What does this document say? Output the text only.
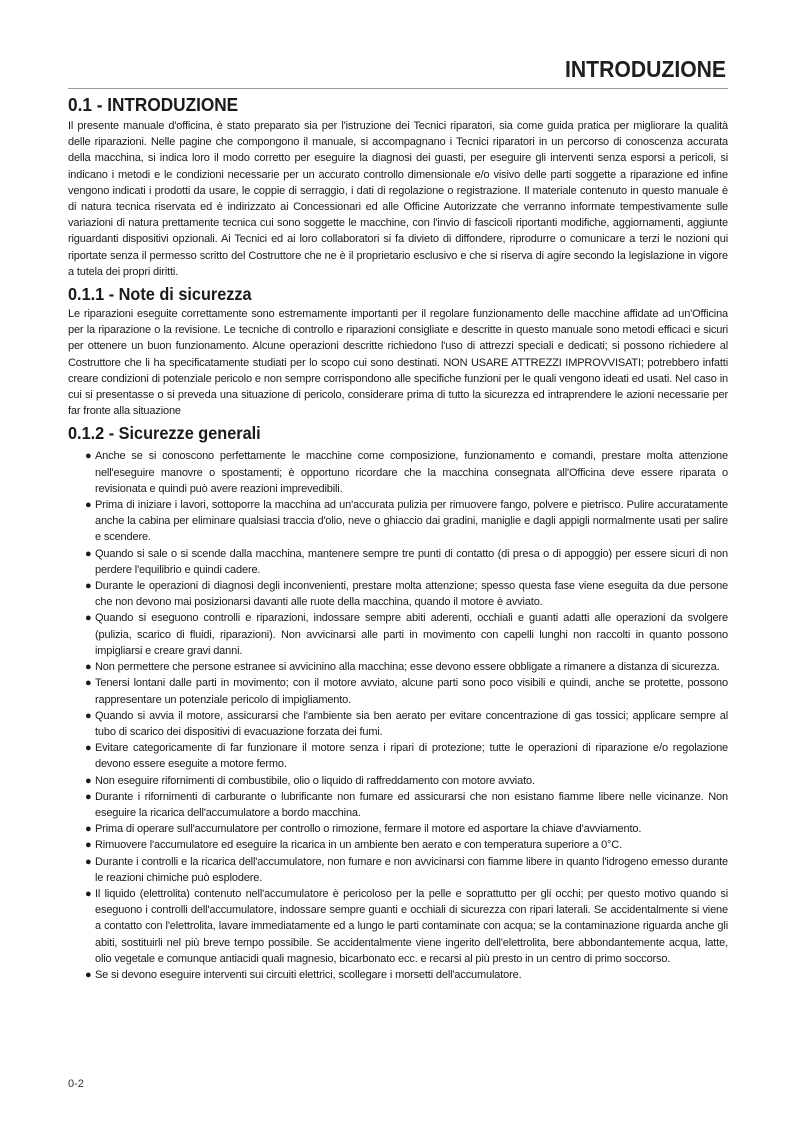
INTRODUZIONE
0.1 - INTRODUZIONE

Il presente manuale d'officina, è stato preparato sia per l'istruzione dei Tecnici riparatori, sia come guida pratica per migliorare la qualità delle riparazioni. Nelle pagine che compongono il manuale, si accompagnano i Tecnici riparatori in un percorso di conoscenza accurata della macchina, si indica loro il modo corretto per eseguire la diagnosi dei guasti, per eseguire gli interventi senza esporsi a pericoli, si indicano i metodi e le condizioni necessarie per un accurato controllo dimensionale e/o visivo delle parti soggette a riparazione ed infine vengono indicati i prodotti da usare, le coppie di serraggio, i dati di regolazione o registrazione. Il materiale contenuto in questo manuale è di natura tecnica riservata ed è indirizzato ai Concessionari ed alle Officine Autorizzate che verranno informate tempestivamente sulle variazioni di natura prettamente tecnica cui sono soggette le macchine, con l'invio di fascicoli riportanti modifiche, aggiornamenti, aggiunte riguardanti dispositivi opzionali. Ai Tecnici ed ai loro collaboratori si fa divieto di diffondere, riprodurre o comunicare a terzi le nozioni qui riportate senza il permesso scritto del Costruttore che ne è il proprietario esclusivo e che si riserva di agire secondo la legislazione in vigore a tutela dei propri diritti.

0.1.1 - Note di sicurezza

Le riparazioni eseguite correttamente sono estremamente importanti per il regolare funzionamento delle macchine affidate ad un'Officina per la riparazione o la revisione. Le tecniche di controllo e riparazioni consigliate e descritte in questo manuale sono metodi efficaci e sicuri per ottenere un buon funzionamento. Alcune operazioni descritte richiedono l'uso di attrezzi speciali e dedicati; si possono richiedere al Costruttore che li ha specificatamente studiati per lo scopo cui sono destinati. NON USARE ATTREZZI IMPROVVISATI; potrebbero infatti creare condizioni di potenziale pericolo e non sempre corrispondono alle specifiche funzioni per le quali vengono ideati ed usati. Nel caso in cui si presentasse o si preveda una situazione di pericolo, considerare prima di tutto la sicurezza ed intraprendere le azioni necessarie per far fronte alla situazione

0.1.2 - Sicurezze generali
● Anche se si conoscono perfettamente le macchine come composizione, funzionamento e comandi, prestare molta attenzione nell'eseguire manovre o spostamenti; è opportuno ricordare che la macchina consegnata all'Officina deve essere riparata o revisionata e quindi può avere reazioni imprevedibili.
● Prima di iniziare i lavori, sottoporre la macchina ad un'accurata pulizia per rimuovere fango, polvere e pietrisco. Pulire accuratamente anche la cabina per eliminare qualsiasi traccia d'olio, neve o ghiaccio dai gradini, maniglie e dagli appigli normalmente usati per salire e scendere.
● Quando si sale o si scende dalla macchina, mantenere sempre tre punti di contatto (di presa o di appoggio) per essere sicuri di non perdere l'equilibrio e quindi cadere.
● Durante le operazioni di diagnosi degli inconvenienti, prestare molta attenzione; spesso questa fase viene eseguita da due persone che non devono mai posizionarsi davanti alle ruote della macchina, quando il motore è avviato.
● Quando si eseguono controlli e riparazioni, indossare sempre abiti aderenti, occhiali e guanti adatti alle operazioni da svolgere (pulizia, scarico di fluidi, riparazioni). Non avvicinarsi alle parti in movimento con capelli lunghi non raccolti in quanto possono impigliarsi e creare gravi danni.
● Non permettere che persone estranee si avvicinino alla macchina; esse devono essere obbligate a rimanere a distanza di sicurezza.
● Tenersi lontani dalle parti in movimento; con il motore avviato, alcune parti sono poco visibili e quindi, anche se protette, possono rappresentare un potenziale pericolo di impigliamento.
● Quando si avvia il motore, assicurarsi che l'ambiente sia ben aerato per evitare concentrazione di gas tossici; applicare sempre al tubo di scarico dei dispositivi di evacuazione forzata dei fumi.
● Evitare categoricamente di far funzionare il motore senza i ripari di protezione; tutte le operazioni di riparazione e/o regolazione devono essere eseguite a motore fermo.
● Non eseguire rifornimenti di combustibile, olio o liquido di raffreddamento con motore avviato.
● Durante i rifornimenti di carburante o lubrificante non fumare ed assicurarsi che non esistano fiamme libere nelle vicinanze. Non eseguire la ricarica dell'accumulatore a bordo macchina.
● Prima di operare sull'accumulatore per controllo o rimozione, fermare il motore ed asportare la chiave d'avviamento.
● Rimuovere l'accumulatore ed eseguire la ricarica in un ambiente ben aerato e con temperatura superiore a 0°C.
● Durante i controlli e la ricarica dell'accumulatore, non fumare e non avvicinarsi con fiamme libere in quanto l'idrogeno emesso durante le reazioni chimiche può esplodere.
● Il liquido (elettrolita) contenuto nell'accumulatore è pericoloso per la pelle e soprattutto per gli occhi; per questo motivo quando si eseguono i controlli dell'accumulatore, indossare sempre guanti e occhiali di sicurezza con ripari laterali. Se accidentalmente si viene a contatto con l'elettrolita, lavare immediatamente ed a lungo le parti contaminate con acqua; se la contaminazione riguarda anche gli abiti, sostituirli nel più breve tempo possibile. Se accidentalmente viene ingerito dell'elettrolita, bere abbondantemente acqua, latte, olio vegetale e comunque antiacidi quali magnesio, bicarbonato ecc. e recarsi al più presto in un centro di primo soccorso.
● Se si devono eseguire interventi sui circuiti elettrici, scollegare i morsetti dell'accumulatore.
0-2
